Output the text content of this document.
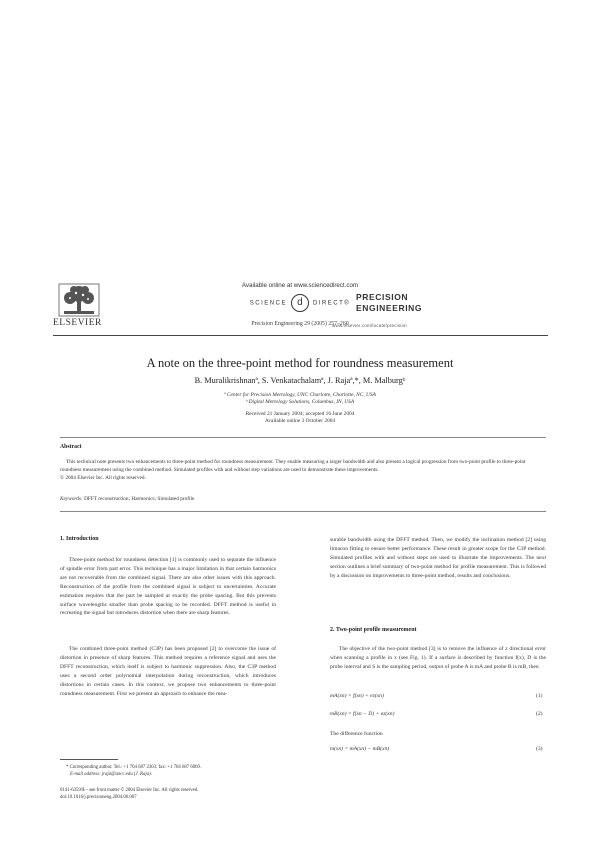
ELSEVIER
Available online at www.sciencedirect.com
SCIENCE d DIRECT®
Precision Engineering 29 (2005) 257–260
PRECISION
ENGINEERING
www.elsevier.com/locate/precision
A note on the three-point method for roundness measurement
B. Muralikrishnanª, S. Venkatachalamª, J. Rajaª,*, M. Malburgᵇ
ª Center for Precision Metrology, UNC Charlotte, Charlotte, NC, USA
ᵇ Digital Metrology Solutions, Columbus, IN, USA
Received 21 January 2004; accepted 16 June 2004
Available online 3 October 2004
Abstract
This technical note presents two enhancements to three-point method for roundness measurement. They enable measuring a larger bandwidth and also present a logical progression from two-point profile to three-point roundness measurement using the combined method. Simulated profiles with and without step variations are used to demonstrate these improvements.
© 2004 Elsevier Inc. All rights reserved.
Keywords: DFFT reconstruction; Harmonics; Simulated profile
1. Introduction
Three-point method for roundness detection [1] is commonly used to separate the influence of spindle error from part error. This technique has a major limitation in that certain harmonics are not recoverable from the combined signal. There are also other issues with this approach. Reconstruction of the profile from the combined signal is subject to uncertainties. Accurate estimation requires that the part be sampled at exactly the probe spacing. But this prevents surface wavelengths smaller than probe spacing to be recorded. DFFT method is useful in recreating the signal but introduces distortion when there are sharp features.
The combined three-point method (C3P) has been proposed [2] to overcome the issue of distortion in presence of sharp features. This method requires a reference signal and uses the DFFT reconstruction, which itself is subject to harmonic suppression. Also, the C3P method uses a second order polynomial interpolation during reconstruction, which introduces distortions in certain cases. In this context, we propose two enhancements to three-point roundness measurement. First we present an approach to enhance the mea-
* Corresponding author. Tel.: +1 704 687 2303; fax: +1 704 687 6069.
E-mail address: jraja@uncc.edu (J. Raja).
0141-6359/$ – see front matter © 2004 Elsevier Inc. All rights reserved.
doi:10.1016/j.precisioneng.2004.06.007
surable bandwidth using the DFFT method. Then, we modify the inclination method [2] using limacon fitting to ensure better performance. These result in greater scope for the C3P method. Simulated profiles with and without steps are used to illustrate the improvements. The next section outlines a brief summary of two-point method for profile measurement. This is followed by a discussion on improvements to three-point method, results and conclusions.
2. Two-point profile measurement
The objective of the two-point method [3] is to remove the influence of z directional error when scanning a profile in x (see Fig. 1). If a surface is described by function f(x), D is the probe interval and S is the sampling period, output of probe A is mA and probe B is mB, then
mA(xn) = f(xn) + ez(xn)	(1)
mB(xn) = f(xn − D) + ez(xn)	(2)
The difference function
m(xn) = mA(xn) − mB(xn)	(3)
